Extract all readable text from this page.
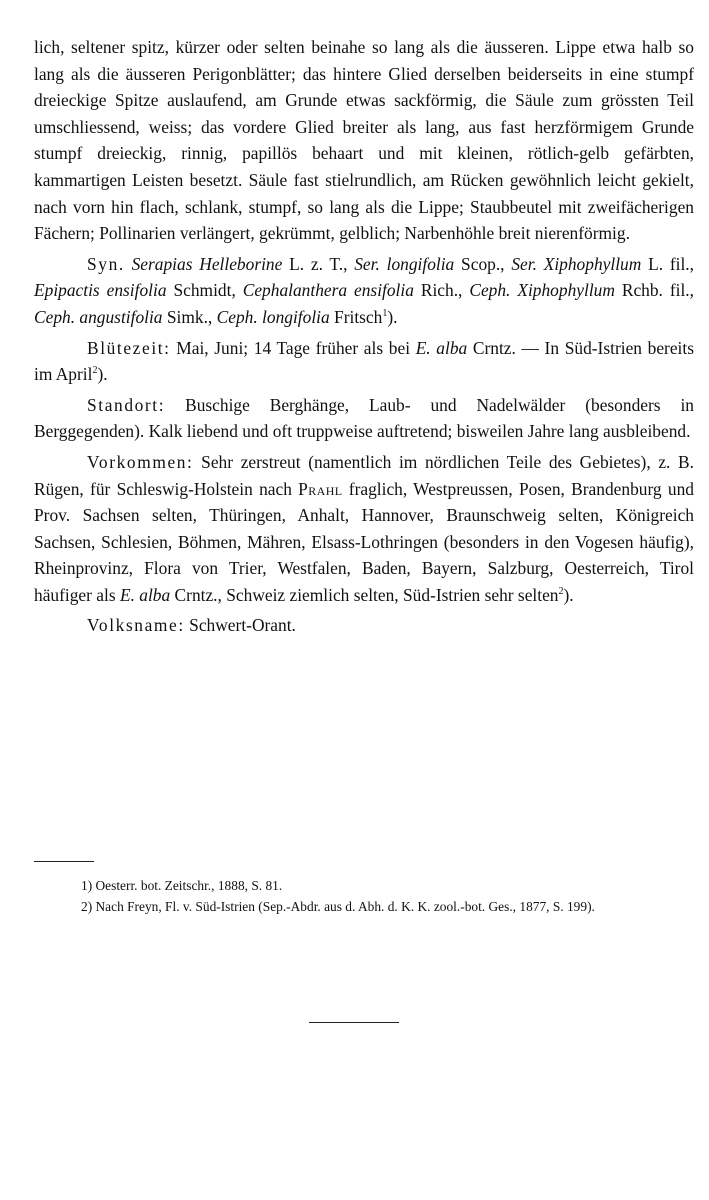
lich, seltener spitz, kürzer oder selten beinahe so lang als die äusseren. Lippe etwa halb so lang als die äusseren Perigonblätter; das hintere Glied derselben beiderseits in eine stumpf dreieckige Spitze auslaufend, am Grunde etwas sackförmig, die Säule zum grössten Teil umschliessend, weiss; das vordere Glied breiter als lang, aus fast herzförmigem Grunde stumpf dreieckig, rinnig, papillös behaart und mit kleinen, rötlich-gelb gefärbten, kammartigen Leisten besetzt. Säule fast stielrundlich, am Rücken gewöhnlich leicht gekielt, nach vorn hin flach, schlank, stumpf, so lang als die Lippe; Staubbeutel mit zweifächerigen Fächern; Pollinarien verlängert, gekrümmt, gelblich; Narbenhöhle breit nierenförmig.

Syn. Serapias Helleborine L. z. T., Ser. longifolia Scop., Ser. Xiphophyllum L. fil., Epipactis ensifolia Schmidt, Cephalanthera ensifolia Rich., Ceph. Xiphophyllum Rchb. fil., Ceph. angustifolia Simk., Ceph. longifolia Fritsch$^1$).

Blütezeit: Mai, Juni; 14 Tage früher als bei E. alba Crntz. — In Süd-Istrien bereits im April$^2$).

Standort: Buschige Berghänge, Laub- und Nadelwälder (besonders in Berggegenden). Kalk liebend und oft truppweise auftretend; bisweilen Jahre lang ausbleibend.

Vorkommen: Sehr zerstreut (namentlich im nördlichen Teile des Gebietes), z. B. Rügen, für Schleswig-Holstein nach Prahl fraglich, Westpreussen, Posen, Brandenburg und Prov. Sachsen selten, Thüringen, Anhalt, Hannover, Braunschweig selten, Königreich Sachsen, Schlesien, Böhmen, Mähren, Elsass-Lothringen (besonders in den Vogesen häufig), Rheinprovinz, Flora von Trier, Westfalen, Baden, Bayern, Salzburg, Oesterreich, Tirol häufiger als E. alba Crntz., Schweiz ziemlich selten, Süd-Istrien sehr selten$^2$).

Volksname: Schwert-Orant.

1) Oesterr. bot. Zeitschr., 1888, S. 81.

2) Nach Freyn, Fl. v. Süd-Istrien (Sep.-Abdr. aus d. Abh. d. K. K. zool.-bot. Ges., 1877, S. 199).
